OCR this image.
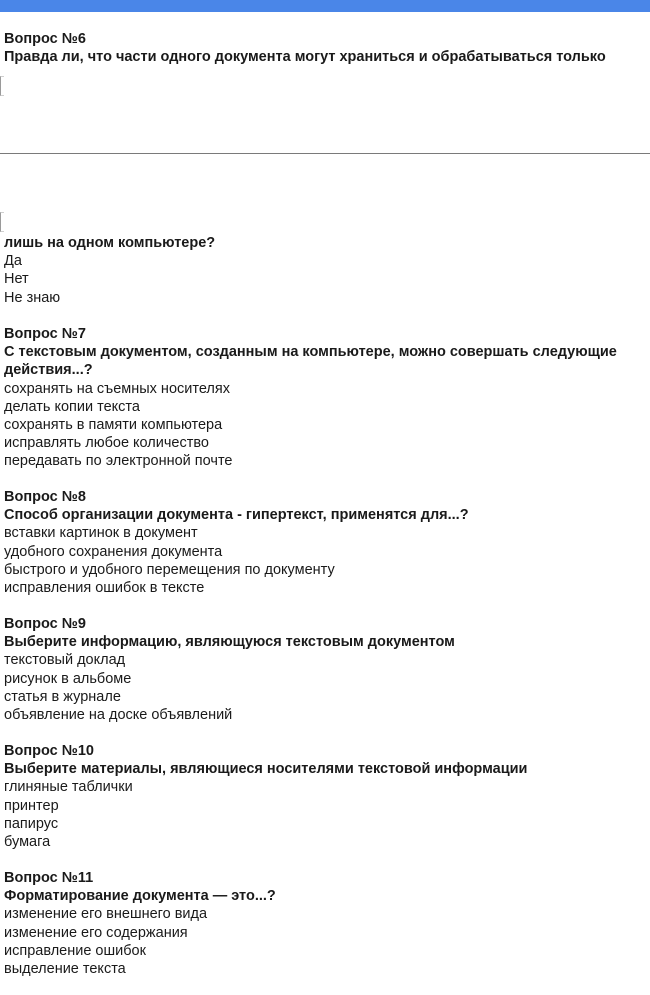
Вопрос №6
Правда ли, что части одного документа могут храниться и обрабатываться только
лишь на одном компьютере?
Да
Нет
Не знаю
Вопрос №7
С текстовым документом, созданным на компьютере, можно совершать следующие
действия...?
сохранять на съемных носителях
делать копии текста
сохранять в памяти компьютера
исправлять любое количество
передавать по электронной почте
Вопрос №8
Способ организации документа - гипертекст, применятся для...?
вставки картинок в документ
удобного сохранения документа
быстрого и удобного перемещения по документу
исправления ошибок в тексте
Вопрос №9
Выберите информацию, являющуюся текстовым документом
текстовый доклад
рисунок в альбоме
статья в журнале
объявление на доске объявлений
Вопрос №10
Выберите материалы, являющиеся носителями текстовой информации
глиняные таблички
принтер
папирус
бумага
Вопрос №11
Форматирование документа — это...?
изменение его внешнего вида
изменение его содержания
исправление ошибок
выделение текста
